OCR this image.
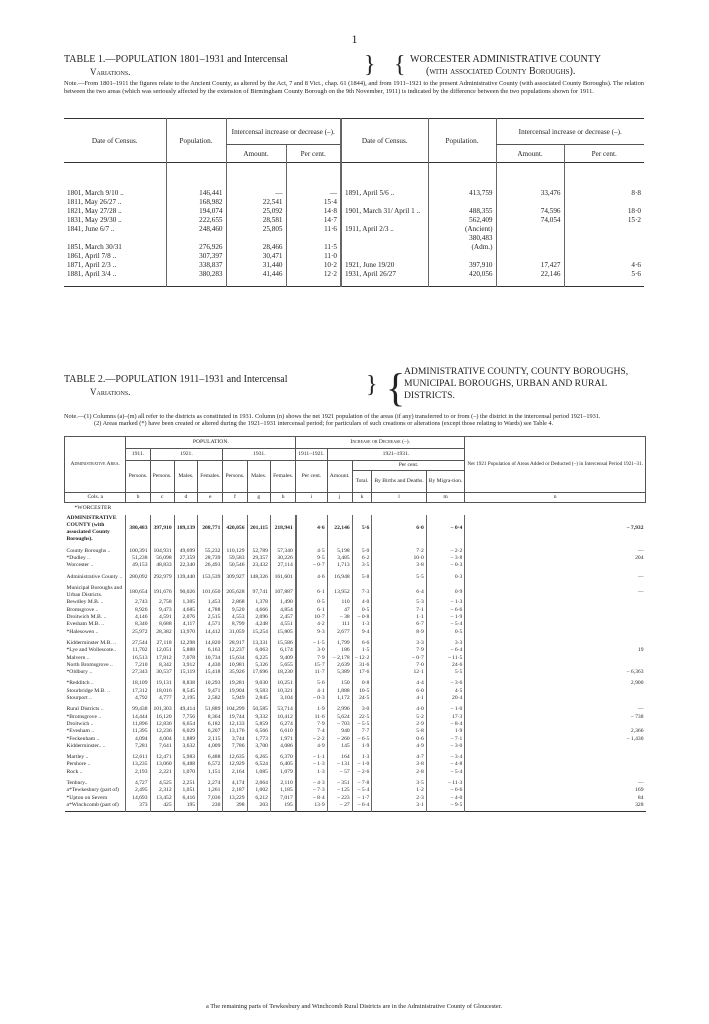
1
TABLE 1.—POPULATION 1801–1931 and Intercensal
Variations.	} { WORCESTER ADMINISTRATIVE COUNTY
(with associated County Boroughs).
Note.—From 1801–1911 the figures relate to the Ancient County, as altered by the Act, 7 and 8 Vict., chap. 61 (1844), and from 1911–1921 to the present Administrative County (with associated County Boroughs). The relation between the two areas (which was seriously affected by the extension of Birmingham County Borough on the 9th November, 1911) is indicated by the difference between the two populations shown for 1911.
Date of Census.	Population.	Intercensal increase or decrease (–).		Date of Census.	Population.	Intercensal increase or decrease (–).	
		Amount.	Per cent.			Amount.	Per cent.

1801, March 9/10 ..	146,441	—	—	1891, April 5/6 ..	413,759	33,476	8·8
1811, May 26/27 ..	168,982	22,541	15·4				
1821, May 27/28 ..	194,074	25,092	14·8	1901, March 31/ April 1 ..	488,355	74,596	18·0
1831, May 29/30 ..	222,655	28,581	14·7		562,409	74,054	15·2
1841, June 6/7 ..	248,460	25,805	11·6	1911, April 2/3 ..	(Ancient)		
					380,483		
1851, March 30/31	276,926	28,466	11·5		(Adm.)		
1861, April 7/8 ..	307,397	30,471	11·0				
1871, April 2/3 ..	338,837	31,440	10·2	1921, June 19/20	397,910	17,427	4·6
1881, April 3/4 ..	380,283	41,446	12·2	1931, April 26/27	420,056	22,146	5·6

TABLE 2.—POPULATION 1911–1931 and Intercensal
Variations.	} {
ADMINISTRATIVE COUNTY, COUNTY BOROUGHS,
MUNICIPAL BOROUGHS, URBAN AND RURAL
DISTRICTS.
Note.—(1) Columns (a)–(m) all refer to the districts as constituted in 1931. Column (n) shows the net 1921 population of the areas (if any) transferred to or from (–) the district in the intercensal period 1921–1931.
(2) Areas marked (*) have been created or altered during the 1921–1931 intercensal period; for particulars of such creations or alterations (except those relating to Wards) see Table 4.
Administrative Area.	POPULATION.							Increase or Decrease (–).					Net 1921 Population of Areas Added or Deducted (–) in Intercensal Period 1921–31.
	1911.	1921.			1931.			1911–1921.	1921–1931.				
	Persons.	Persons.	Males.	Females.	Persons.	Males.	Females.	Per cent.	Amount.	Per cent.			
										Total.	By Births and Deaths.	By Migra-tion.	
Cols. a	b	c	d	e	f	g	h	i	j	k	l	m	n
*WORCESTER													
ADMINISTRATIVE COUNTY (with associated County Boroughs).	380,483	397,910	189,139	208,771	420,056	201,115	218,941	4·6	22,146	5·6	6·0	– 0·4	– 7,932

County Boroughs ..	100,391	104,931	49,699	55,232	110,129	52,789	57,340	4·5	5,198	5·0	7·2	– 2·2	—
*Dudley ..	51,238	56,098	27,359	28,739	59,583	29,357	30,226	9·5	3,485	6·2	10·0	– 3·8	204
Worcester ..	49,153	48,833	22,340	26,493	50,546	23,432	27,114	– 0·7	1,713	3·5	3·8	– 0·3	

Administrative County ..	280,092	292,979	139,440	153,539	309,927	148,326	161,601	4·6	16,948	5·8	5·5	0·3	—

Municipal Boroughs and Urban Districts.	180,654	191,676	90,026	101,650	205,628	97,741	107,887	6·1	13,952	7·3	6·4	0·9	—
Bewdley M.B. ..	2,743	2,758	1,305	1,453	2,868	1,378	1,490	0·5	110	4·0	5·3	– 1·3	
Bromsgrove ..	8,926	9,473	4,685	4,788	9,520	4,666	4,854	6·1	47	0·5	7·1	– 6·6	
Droitwich M.B. ..	4,146	4,591	2,076	2,515	4,553	2,096	2,457	10·7	– 38	– 0·8	1·1	– 1·9	
Evesham M.B. ..	8,340	8,688	4,117	4,571	8,799	4,248	4,551	4·2	111	1·3	6·7	– 5·4	
*Halesowen ..	25,972	28,382	13,970	14,412	31,059	15,254	15,805	9·3	2,677	9·4	8·9	0·5	

Kidderminster M.B. ..	27,544	27,118	12,298	14,820	28,917	13,331	15,586	– 1·5	1,799	6·6	3·3	3·3	
*Lye and Wollescote..	11,702	12,051	5,888	6,163	12,237	6,063	6,174	3·0	186	1·5	7·9	– 6·4	19
Malvern ..	16,513	17,812	7,078	10,734	15,634	6,225	9,409	7·9	– 2,178	– 12·2	– 0·7	– 11·5	
North Bromsgrove ..	7,210	8,342	3,912	4,430	10,981	5,326	5,655	15·7	2,639	31·6	7·0	24·6	
*Oldbury ..	27,343	30,537	15,119	15,418	35,926	17,696	18,230	11·7	5,389	17·6	12·1	5·5	– 6,363

*Redditch ..	18,109	19,131	8,838	10,293	19,281	9,030	10,251	5·6	150	0·8	4·4	– 3·6	2,900
Stourbridge M.B. ..	17,312	18,016	8,545	9,471	19,904	9,583	10,321	4·1	1,888	10·5	6·0	4·5	
Stourport ..	4,792	4,777	2,195	2,582	5,949	2,845	3,104	– 0·3	1,172	24·5	4·1	20·4	

Rural Districts ..	99,438	101,303	49,414	51,889	104,299	50,585	53,714	1·9	2,996	3·0	4·0	– 1·0	—
*Bromsgrove ..	14,444	16,120	7,756	8,364	19,744	9,332	10,412	11·6	5,624	22·5	5·2	17·3	– 738
Droitwich ..	11,896	12,836	6,654	6,182	12,133	5,859	6,274	7·9	– 703	– 5·5	2·9	– 8·4	
*Evesham ..	11,395	12,236	6,029	6,207	13,176	6,566	6,610	7·4	940	7·7	5·8	1·9	2,366
*Feckenham ..	4,094	4,004	1,889	2,115	3,744	1,773	1,971	– 2·2	– 260	– 6·5	0·6	– 7·1	– 1,430
Kidderminster.. ..	7,281	7,641	3,632	4,009	7,786	3,700	4,086	4·9	145	1·9	4·9	– 3·0	

Martley ..	12,611	12,471	5,983	6,488	12,635	6,265	6,370	– 1·1	164	1·3	4·7	– 3·4	
Pershore ..	13,235	13,060	6,488	6,572	12,929	6,524	6,405	– 1·3	– 131	– 1·0	3·8	– 4·8	
Rock ..	2,193	2,221	1,070	1,151	2,164	1,085	1,079	1·3	– 57	– 2·6	2·8	– 5·4	

Tenbury..	4,727	4,525	2,251	2,274	4,174	2,064	2,110	– 4·3	– 351	– 7·8	3·5	– 11·3	—
a*Tewkesbury (part of)	2,495	2,312	1,051	1,261	2,187	1,002	1,185	– 7·3	– 125	– 5·4	1·2	– 6·6	169
*Upton on Severn	14,693	13,452	6,416	7,036	13,229	6,212	7,017	– 8·4	– 223	– 1·7	2·3	– 4·0	84
a*Winchcomb (part of)	373	425	195	230	398	203	195	13·9	– 27	– 6·4	3·1	– 9·5	328

a The remaining parts of Tewkesbury and Winchcomb Rural Districts are in the Administrative County of Gloucester.
